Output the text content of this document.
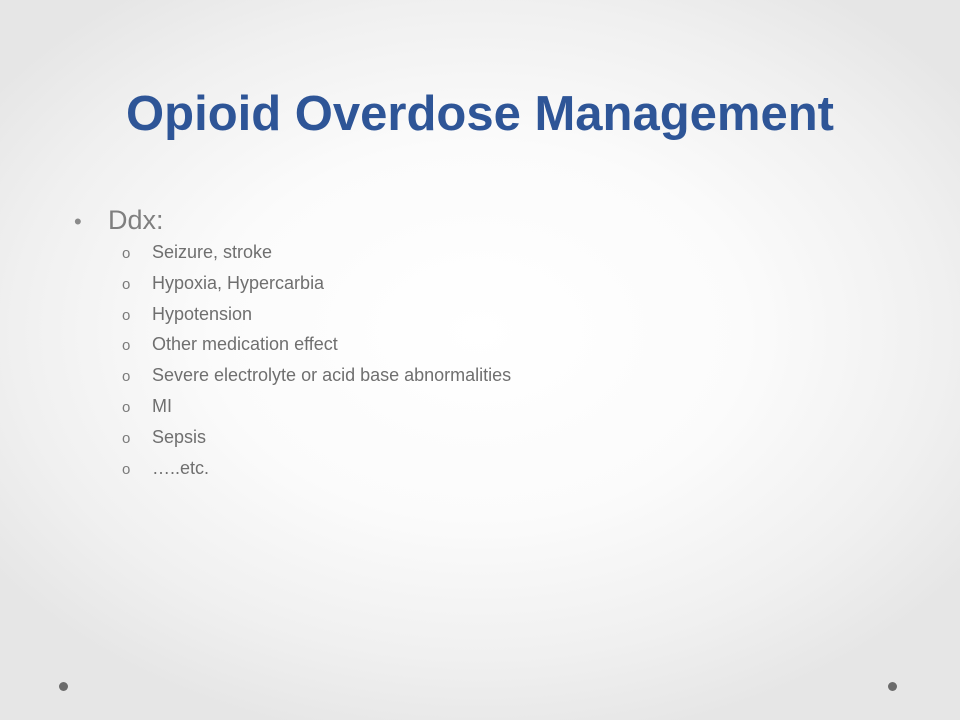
Opioid Overdose Management
• Ddx:
o	Seizure, stroke
o	Hypoxia, Hypercarbia
o	Hypotension
o	Other medication effect
o	Severe electrolyte or acid base abnormalities
o	MI
o	Sepsis
o	…..etc.
